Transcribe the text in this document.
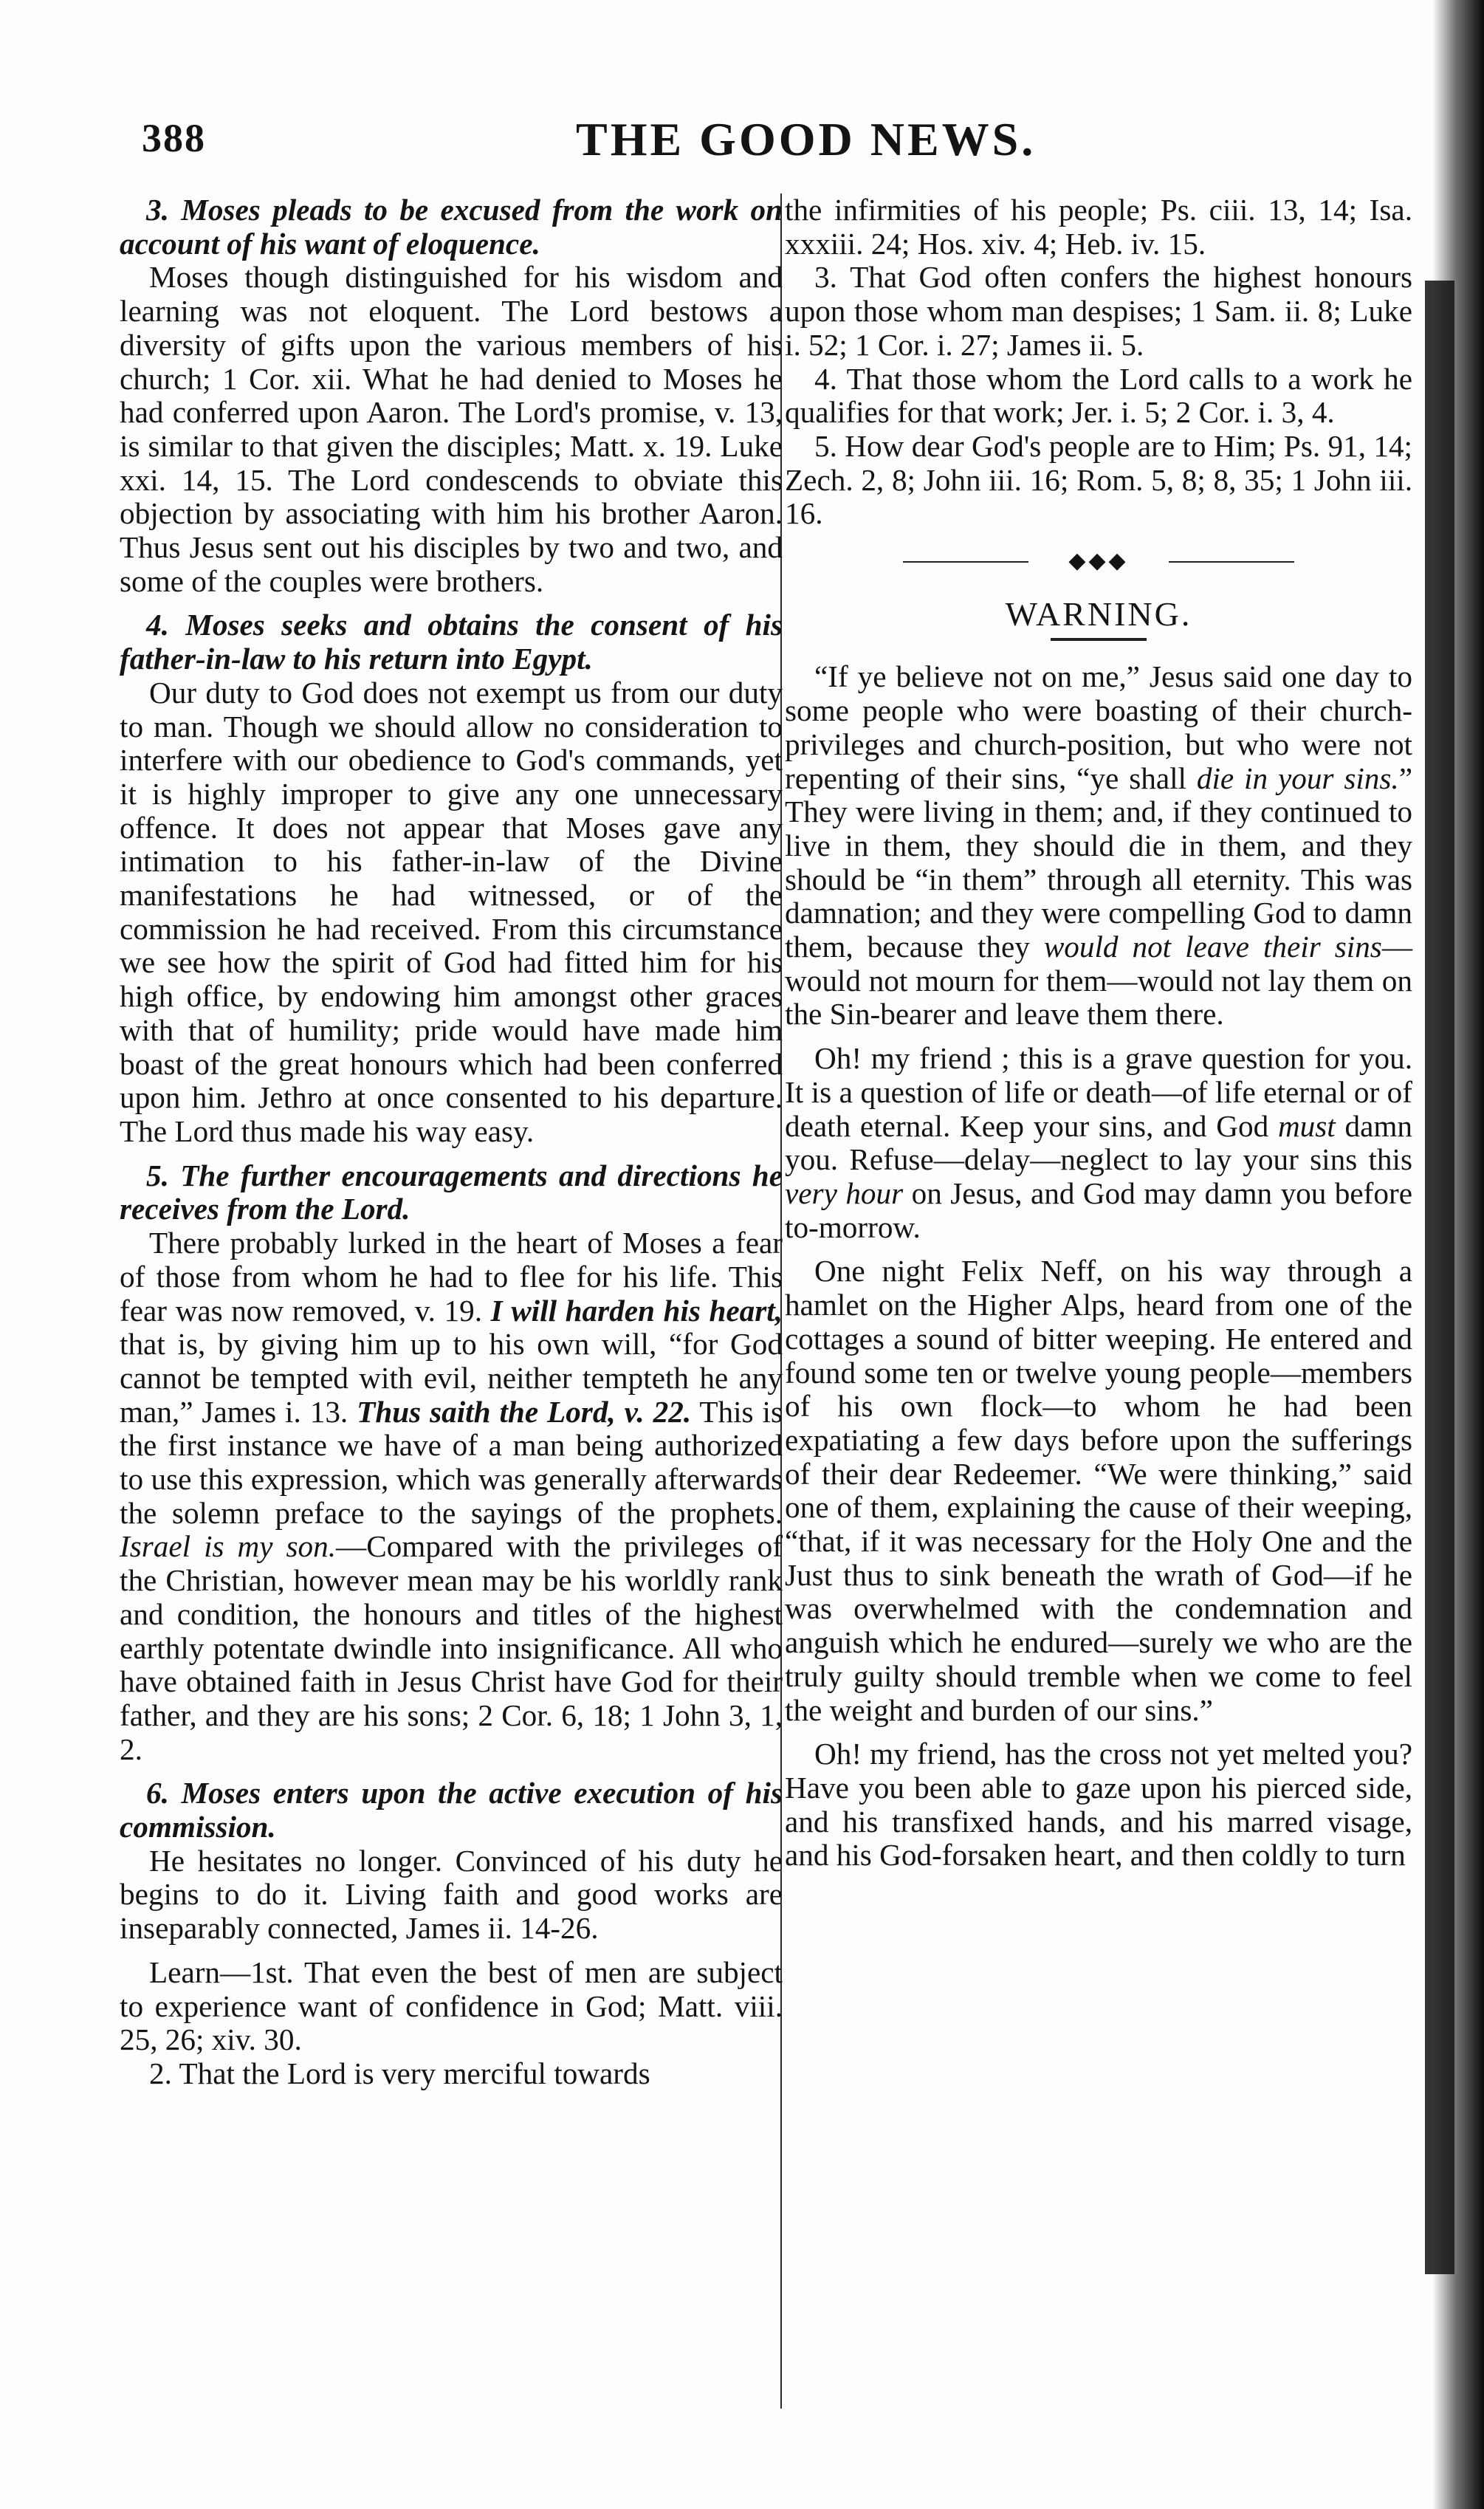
388	THE GOOD NEWS.

3. Moses pleads to be excused from the work on account of his want of eloquence.

Moses though distinguished for his wisdom and learning was not eloquent. The Lord bestows a diversity of gifts upon the various members of his church; 1 Cor. xii. What he had denied to Moses he had conferred upon Aaron. The Lord's promise, v. 13, is similar to that given the disciples; Matt. x. 19. Luke xxi. 14, 15. The Lord condescends to obviate this objection by associating with him his brother Aaron. Thus Jesus sent out his disciples by two and two, and some of the couples were brothers.

4. Moses seeks and obtains the consent of his father-in-law to his return into Egypt.

Our duty to God does not exempt us from our duty to man. Though we should allow no consideration to interfere with our obedience to God's commands, yet it is highly improper to give any one unnecessary offence. It does not appear that Moses gave any intimation to his father-in-law of the Divine manifestations he had witnessed, or of the commission he had received. From this circumstance we see how the spirit of God had fitted him for his high office, by endowing him amongst other graces with that of humility; pride would have made him boast of the great honours which had been conferred upon him. Jethro at once consented to his departure. The Lord thus made his way easy.

5. The further encouragements and directions he receives from the Lord.

There probably lurked in the heart of Moses a fear of those from whom he had to flee for his life. This fear was now removed, v. 19. I will harden his heart, that is, by giving him up to his own will, “for God cannot be tempted with evil, neither tempteth he any man,” James i. 13. Thus saith the Lord, v. 22. This is the first instance we have of a man being authorized to use this expression, which was generally afterwards the solemn preface to the sayings of the prophets. Israel is my son.—Compared with the privileges of the Christian, however mean may be his worldly rank and condition, the honours and titles of the highest earthly potentate dwindle into insignificance. All who have obtained faith in Jesus Christ have God for their father, and they are his sons; 2 Cor. 6, 18; 1 John 3, 1, 2.

6. Moses enters upon the active execution of his commission.

He hesitates no longer. Convinced of his duty he begins to do it. Living faith and good works are inseparably connected, James ii. 14-26.

Learn—1st. That even the best of men are subject to experience want of confidence in God; Matt. viii. 25, 26; xiv. 30.

2. That the Lord is very merciful towards

the infirmities of his people; Ps. ciii. 13, 14; Isa. xxxiii. 24; Hos. xiv. 4; Heb. iv. 15.

3. That God often confers the highest honours upon those whom man despises; 1 Sam. ii. 8; Luke i. 52; 1 Cor. i. 27; James ii. 5.

4. That those whom the Lord calls to a work he qualifies for that work; Jer. i. 5; 2 Cor. i. 3, 4.

5. How dear God's people are to Him; Ps. 91, 14; Zech. 2, 8; John iii. 16; Rom. 5, 8; 8, 35; 1 John iii. 16.

◆◆◆
WARNING.

“If ye believe not on me,” Jesus said one day to some people who were boasting of their church-privileges and church-position, but who were not repenting of their sins, “ye shall die in your sins.” They were living in them; and, if they continued to live in them, they should die in them, and they should be “in them” through all eternity. This was damnation; and they were compelling God to damn them, because they would not leave their sins—would not mourn for them—would not lay them on the Sin-bearer and leave them there.

Oh! my friend ; this is a grave question for you. It is a question of life or death—of life eternal or of death eternal. Keep your sins, and God must damn you. Refuse—delay—neglect to lay your sins this very hour on Jesus, and God may damn you before to-morrow.

One night Felix Neff, on his way through a hamlet on the Higher Alps, heard from one of the cottages a sound of bitter weeping. He entered and found some ten or twelve young people—members of his own flock—to whom he had been expatiating a few days before upon the sufferings of their dear Redeemer. “We were thinking,” said one of them, explaining the cause of their weeping, “that, if it was necessary for the Holy One and the Just thus to sink beneath the wrath of God—if he was overwhelmed with the condemnation and anguish which he endured—surely we who are the truly guilty should tremble when we come to feel the weight and burden of our sins.”

Oh! my friend, has the cross not yet melted you? Have you been able to gaze upon his pierced side, and his transfixed hands, and his marred visage, and his God-forsaken heart, and then coldly to turn
